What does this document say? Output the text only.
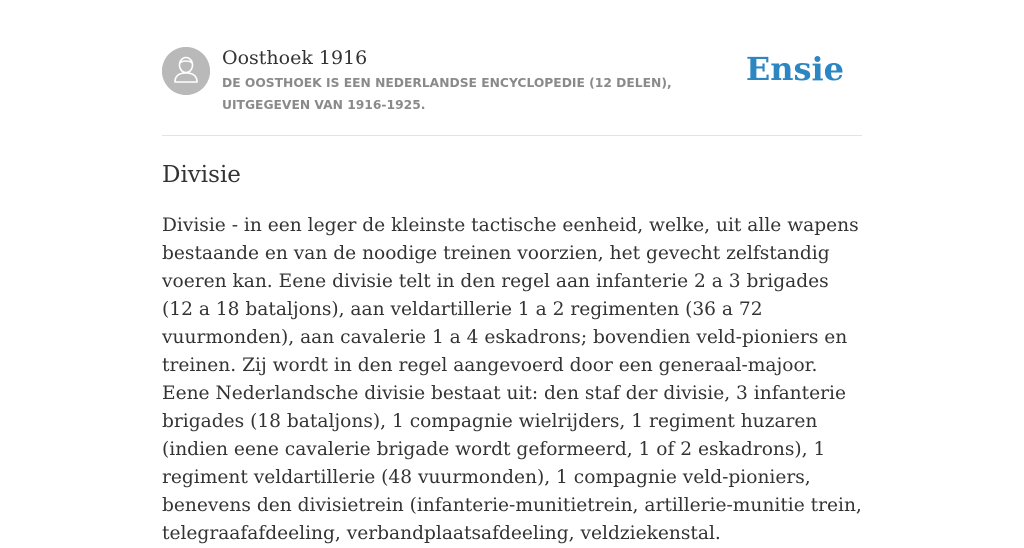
Oosthoek 1916
DE OOSTHOEK IS EEN NEDERLANDSE ENCYCLOPEDIE (12 DELEN), UITGEGEVEN VAN 1916-1925.
Ensie
Divisie

Divisie - in een leger de kleinste tactische eenheid, welke, uit alle wapens bestaande en van de noodige treinen voorzien, het gevecht zelfstandig voeren kan. Eene divisie telt in den regel aan infanterie 2 a 3 brigades (12 a 18 bataljons), aan veldartillerie 1 a 2 regimenten (36 a 72 vuurmonden), aan cavalerie 1 a 4 eskadrons; bovendien veld-pioniers en treinen. Zij wordt in den regel aangevoerd door een generaal-majoor. Eene Nederlandsche divisie bestaat uit: den staf der divisie, 3 infanterie brigades (18 bataljons), 1 compagnie wielrijders, 1 regiment huzaren (indien eene cavalerie brigade wordt geformeerd, 1 of 2 eskadrons), 1 regiment veldartillerie (48 vuurmonden), 1 compagnie veld-pioniers, benevens den divisietrein (infanterie-munitietrein, artillerie-munitie trein, telegraafafdeeling, verbandplaatsafdeeling, veldziekenstal.
